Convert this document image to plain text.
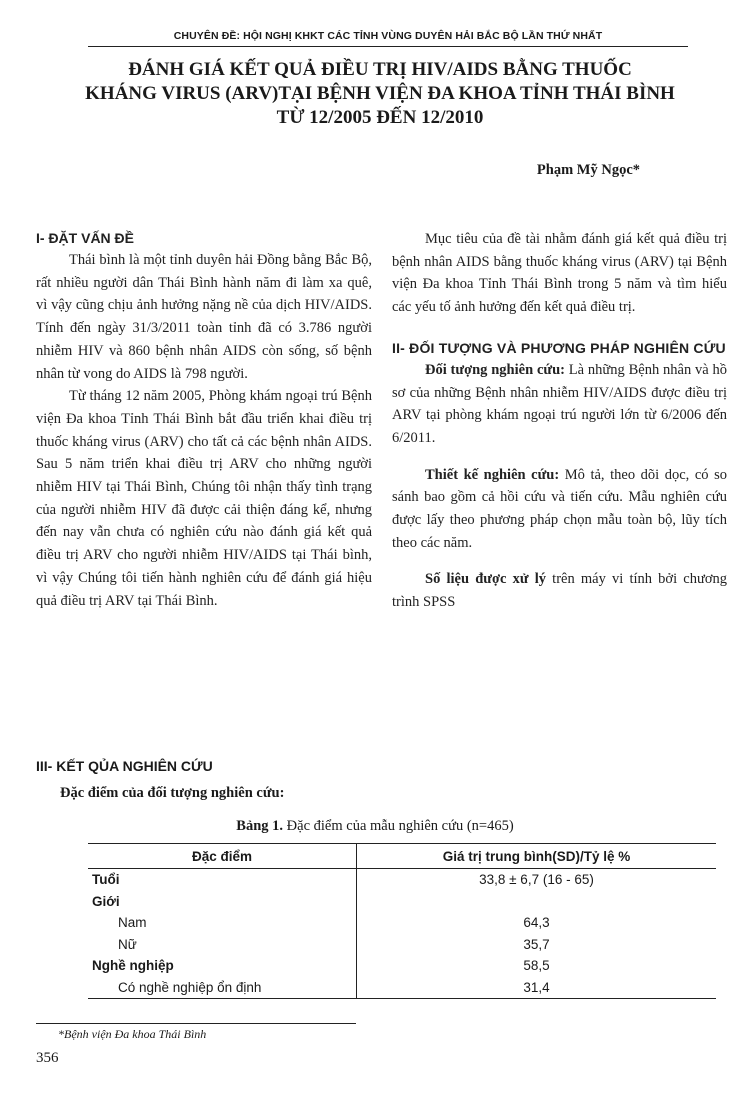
CHUYÊN ĐỀ: HỘI NGHỊ KHKT CÁC TỈNH VÙNG DUYÊN HẢI BẮC BỘ LẦN THỨ NHẤT
ĐÁNH GIÁ KẾT QUẢ ĐIỀU TRỊ HIV/AIDS BẰNG THUỐC
KHÁNG VIRUS (ARV)TẠI BỆNH VIỆN ĐA KHOA TỈNH THÁI BÌNH
TỪ 12/2005 ĐẾN 12/2010
Phạm Mỹ Ngọc*
I- ĐẶT VẤN ĐỀ

Thái bình là một tỉnh duyên hải Đồng bằng Bắc Bộ, rất nhiều người dân Thái Bình hành năm đi làm xa quê, vì vậy cũng chịu ảnh hưởng nặng nề của dịch HIV/AIDS. Tính đến ngày 31/3/2011 toàn tỉnh đã có 3.786 người nhiễm HIV và 860 bệnh nhân AIDS còn sống, số bệnh nhân từ vong do AIDS là 798 người.

Từ tháng 12 năm 2005, Phòng khám ngoại trú Bệnh viện Đa khoa Tỉnh Thái Bình bắt đầu triển khai điều trị thuốc kháng virus (ARV) cho tất cả các bệnh nhân AIDS. Sau 5 năm triển khai điều trị ARV cho những người nhiễm HIV tại Thái Bình, Chúng tôi nhận thấy tình trạng của người nhiễm HIV đã được cải thiện đáng kể, nhưng đến nay vẫn chưa có nghiên cứu nào đánh giá kết quả điều trị ARV cho người nhiễm HIV/AIDS tại Thái bình, vì vậy Chúng tôi tiến hành nghiên cứu để đánh giá hiệu quả điều trị ARV tại Thái Bình.

Mục tiêu của đề tài nhằm đánh giá kết quả điều trị bệnh nhân AIDS bằng thuốc kháng virus (ARV) tại Bệnh viện Đa khoa Tỉnh Thái Bình trong 5 năm và tìm hiểu các yếu tố ảnh hưởng đến kết quả điều trị.

II- ĐỐI TƯỢNG VÀ PHƯƠNG PHÁP NGHIÊN CỨU

Đối tượng nghiên cứu: Là những Bệnh nhân và hồ sơ của những Bệnh nhân nhiễm HIV/AIDS được điều trị ARV tại phòng khám ngoại trú người lớn từ 6/2006 đến 6/2011.

Thiết kế nghiên cứu: Mô tả, theo dõi dọc, có so sánh bao gồm cả hồi cứu và tiến cứu. Mẫu nghiên cứu được lấy theo phương pháp chọn mẫu toàn bộ, lũy tích theo các năm.

Số liệu được xử lý trên máy vi tính bởi chương trình SPSS

III- KẾT QỦA NGHIÊN CỨU
Đặc điểm của đối tượng nghiên cứu:
Bảng 1. Đặc điểm của mẫu nghiên cứu (n=465)
Đặc điểm	Giá trị trung bình(SD)/Tỷ lệ %
Tuổi	33,8 ± 6,7 (16 - 65)
Giới	
Nam	64,3
Nữ	35,7
Nghề nghiệp	58,5
Có nghề nghiệp ổn định	31,4
*Bệnh viện Đa khoa Thái Bình
356
